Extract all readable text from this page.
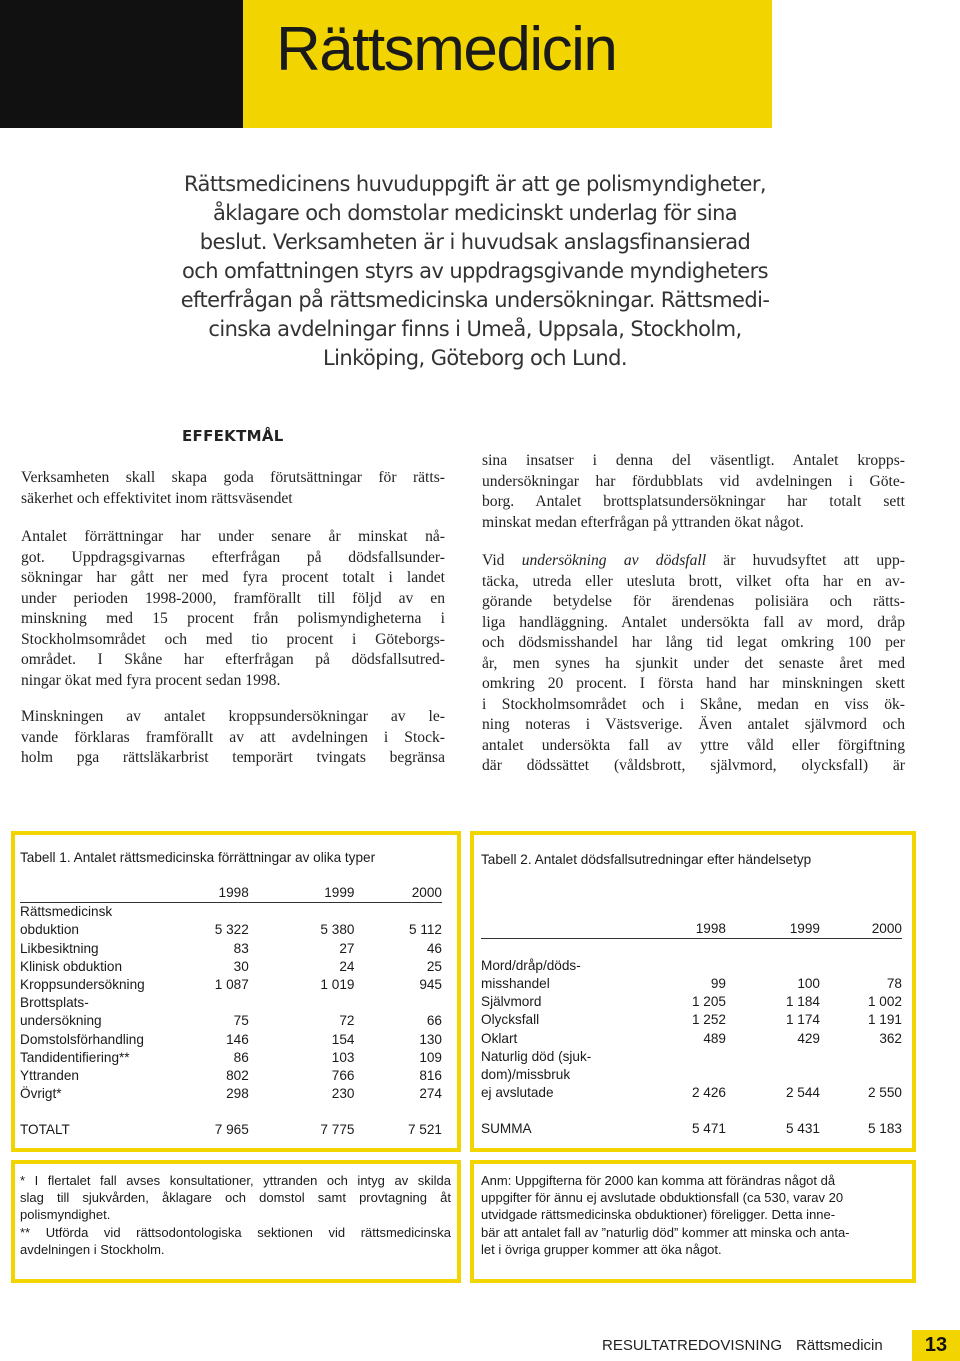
Rättsmedicin
Rättsmedicinens huvuduppgift är att ge polismyndigheter,
åklagare och domstolar medicinskt underlag för sina
beslut. Verksamheten är i huvudsak anslagsfinansierad
och omfattningen styrs av uppdragsgivande myndigheters
efterfrågan på rättsmedicinska undersökningar. Rättsmedi-
cinska avdelningar finns i Umeå, Uppsala, Stockholm,
Linköping, Göteborg och Lund.
EFFEKTMÅL

Verksamheten skall skapa goda förutsättningar för rätts-
säkerhet och effektivitet inom rättsväsendet

Antalet förrättningar har under senare år minskat nå-
got. Uppdragsgivarnas efterfrågan på dödsfallsunder-
sökningar har gått ner med fyra procent totalt i landet
under perioden 1998-2000, framförallt till följd av en
minskning med 15 procent från polismyndigheterna i
Stockholmsområdet och med tio procent i Göteborgs-
området. I Skåne har efterfrågan på dödsfallsutred-
ningar ökat med fyra procent sedan 1998.

Minskningen av antalet kroppsundersökningar av le-
vande förklaras framförallt av att avdelningen i Stock-
holm pga rättsläkarbrist temporärt tvingats begränsa

sina insatser i denna del väsentligt. Antalet kropps-
undersökningar har fördubblats vid avdelningen i Göte-
borg. Antalet brottsplatsundersökningar har totalt sett
minskat medan efterfrågan på yttranden ökat något.

Vid undersökning av dödsfall är huvudsyftet att upp-
täcka, utreda eller utesluta brott, vilket ofta har en av-
görande betydelse för ärendenas polisiära och rätts-
liga handläggning. Antalet undersökta fall av mord, dråp
och dödsmisshandel har lång tid legat omkring 100 per
år, men synes ha sjunkit under det senaste året med
omkring 20 procent. I första hand har minskningen skett
i Stockholmsområdet och i Skåne, medan en viss ök-
ning noteras i Västsverige. Även antalet självmord och
antalet undersökta fall av yttre våld eller förgiftning
där dödssättet (våldsbrott, självmord, olycksfall) är

Tabell 1. Antalet rättsmedicinska förrättningar av olika typer
	1998	1999	2000
Rättsmedicinsk			
obduktion	5 322	5 380	5 112
Likbesiktning	83	27	46
Klinisk obduktion	30	24	25
Kroppsundersökning	1 087	1 019	945
Brottsplats-			
undersökning	75	72	66
Domstolsförhandling	146	154	130
Tandidentifiering**	86	103	109
Yttranden	802	766	816
Övrigt*	298	230	274

TOTALT	7 965	7 775	7 521
Tabell 2. Antalet dödsfallsutredningar efter händelsetyp
	1998	1999	2000

Mord/dråp/döds-			
misshandel	99	100	78
Självmord	1 205	1 184	1 002
Olycksfall	1 252	1 174	1 191
Oklart	489	429	362
Naturlig död (sjuk-			
dom)/missbruk			
ej avslutade	2 426	2 544	2 550

SUMMA	5 471	5 431	5 183
* I flertalet fall avses konsultationer, yttranden och intyg av skilda
slag till sjukvården, åklagare och domstol samt provtagning åt
polismyndighet.
** Utförda vid rättsodontologiska sektionen vid rättsmedicinska
avdelningen i Stockholm.
Anm: Uppgifterna för 2000 kan komma att förändras något då
uppgifter för ännu ej avslutade obduktionsfall (ca 530, varav 20
utvidgade rättsmedicinska obduktioner) föreligger. Detta inne-
bär att antalet fall av ”naturlig död” kommer att minska och anta-
let i övriga grupper kommer att öka något.
RESULTATREDOVISNING Rättsmedicin	13
